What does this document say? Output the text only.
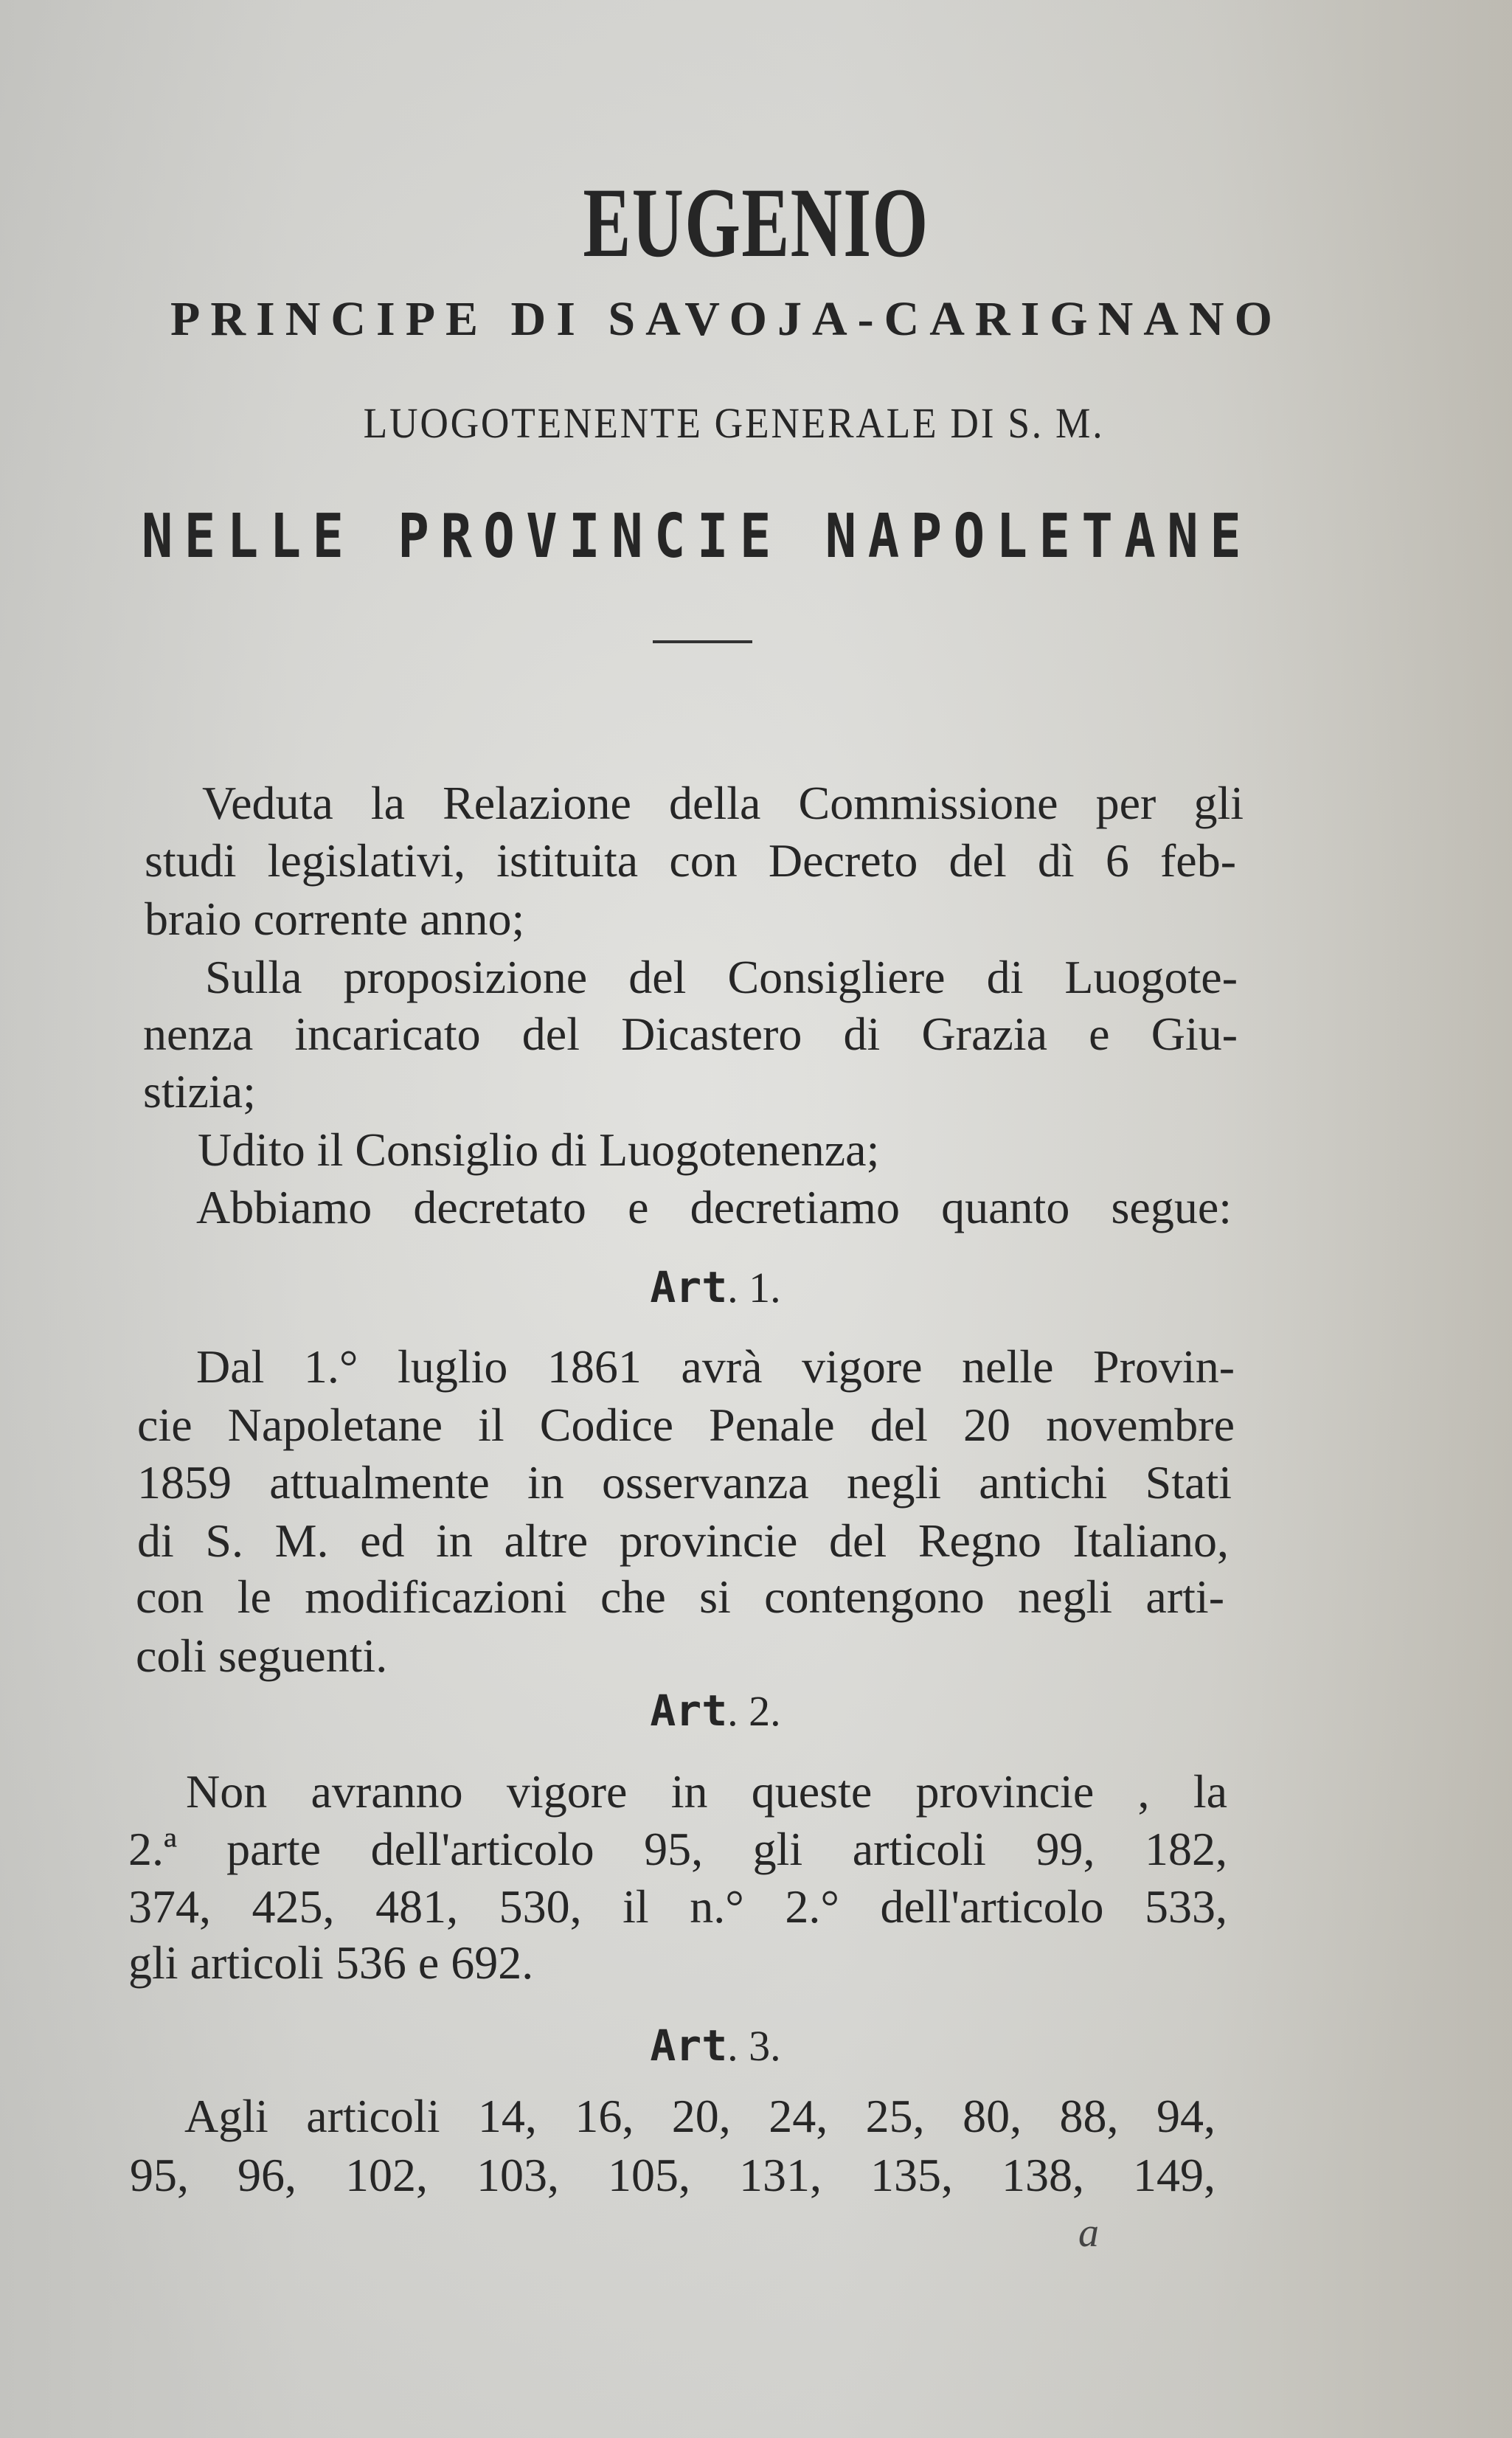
EUGENIO
PRINCIPE DI SAVOJA-CARIGNANO
LUOGOTENENTE GENERALE DI S. M.
NELLE PROVINCIE NAPOLETANE
Veduta la Relazione della Commissione per gli
studi legislativi, istituita con Decreto del dì 6 feb-
braio corrente anno;
Sulla proposizione del Consigliere di Luogote-
nenza incaricato del Dicastero di Grazia e Giu-
stizia;
Udito il Consiglio di Luogotenenza;
Abbiamo decretato e decretiamo quanto segue:
Art. 1.
Dal 1.° luglio 1861 avrà vigore nelle Provin-
cie Napoletane il Codice Penale del 20 novembre
1859 attualmente in osservanza negli antichi Stati
di S. M. ed in altre provincie del Regno Italiano,
con le modificazioni che si contengono negli arti-
coli seguenti.
Art. 2.
Non avranno vigore in queste provincie , la
2.ª parte dell'articolo 95, gli articoli 99, 182,
374, 425, 481, 530, il n.° 2.° dell'articolo 533,
gli articoli 536 e 692.
Art. 3.
Agli articoli 14, 16, 20, 24, 25, 80, 88, 94,
95, 96, 102, 103, 105, 131, 135, 138, 149,
a
